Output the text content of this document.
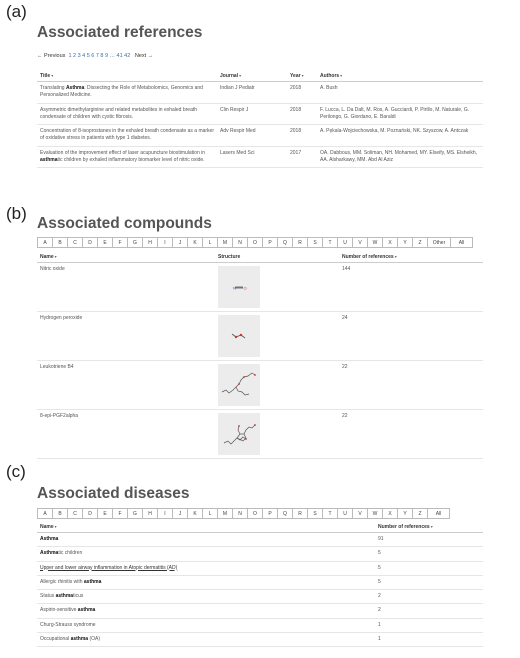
(a)
Associated references
← Previous 1 2 3 4 5 6 7 8 9 … 41 42 Next →
Title▾	Journal▾	Year▾	Authors▾
Translating Asthma: Dissecting the Role of Metabolomics, Genomics and Personalized Medicine.	Indian J Pediatr	2018	A. Bush
Asymmetric dimethylarginine and related metabolites in exhaled breath condensate of children with cystic fibrosis.	Clin Respir J	2018	F. Lucca, L. Da Dalt, M. Ros, A. Gucciardi, P. Pirillo, M. Naturale, G. Perilongo, G. Giordano, E. Baraldi
Concentration of 8-isoprostanes in the exhaled breath condensate as a marker of oxidative stress in patients with type 1 diabetes.	Adv Respir Med	2018	A. Pękala-Wojciechowska, M. Poznański, NK. Szyszow, A. Antczak
Evaluation of the improvement effect of laser acupuncture biostimulation in asthmatic children by exhaled inflammatory biomarker level of nitric oxide.	Lasers Med Sci	2017	OA. Dabbous, MM. Soliman, NH. Mohamed, MY. Elseify, MS. Elsheikh, AA. Alsharkawy, MM. Abd Al Aziz
(b)
Associated compounds
A	B	C	D	E	F	G	H	I	J	K	L	M	N	O	P	Q	R	S	T	U	V	W	X	Y	Z	Other	All
Name▾	Structure	Number of references▾
Nitric oxide	N O	144
Hydrogen peroxide		24
Leukotriene B4		22
8-epi-PGF2alpha		22
(c)
Associated diseases
A	B	C	D	E	F	G	H	I	J	K	L	M	N	O	P	Q	R	S	T	U	V	W	X	Y	Z	All
Name▾	Number of references▾
Asthma	91
Asthmatic children	5
Upper and lower airway inflammation in Atopic dermatitis (AD)	5
Allergic rhinitis with asthma	5
Status asthmaticus	2
Aspirin-sensitive asthma	2
Churg-Strauss syndrome	1
Occupational asthma (OA)	1
